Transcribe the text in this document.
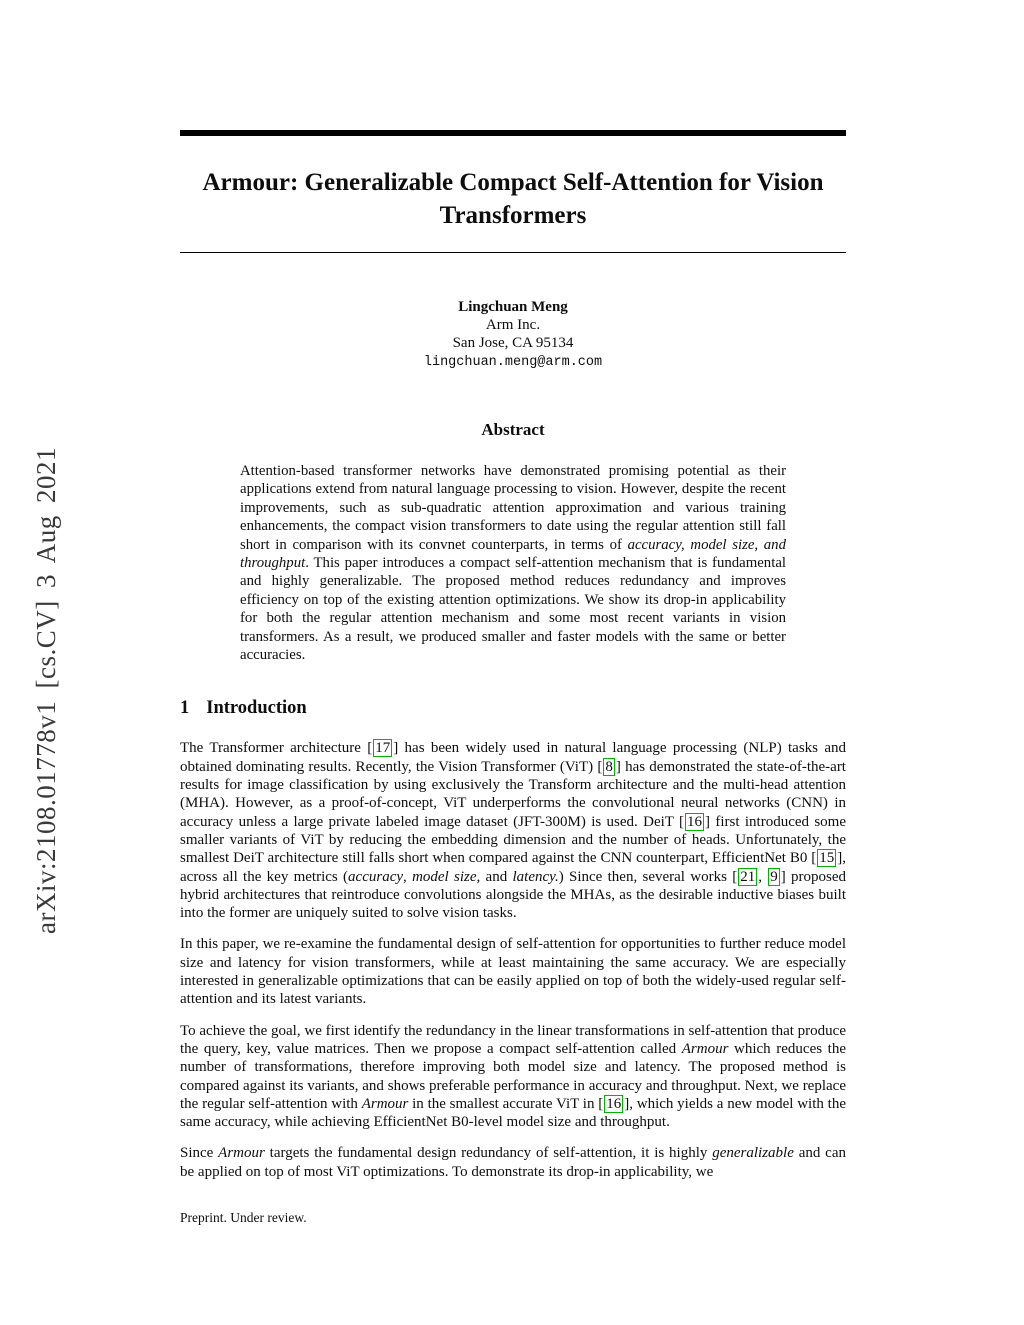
arXiv:2108.01778v1 [cs.CV] 3 Aug 2021
Armour: Generalizable Compact Self-Attention for Vision Transformers
Lingchuan Meng
Arm Inc.
San Jose, CA 95134
lingchuan.meng@arm.com
Abstract

Attention-based transformer networks have demonstrated promising potential as their applications extend from natural language processing to vision. However, despite the recent improvements, such as sub-quadratic attention approximation and various training enhancements, the compact vision transformers to date using the regular attention still fall short in comparison with its convnet counterparts, in terms of accuracy, model size, and throughput. This paper introduces a compact self-attention mechanism that is fundamental and highly generalizable. The proposed method reduces redundancy and improves efficiency on top of the existing attention optimizations. We show its drop-in applicability for both the regular attention mechanism and some most recent variants in vision transformers. As a result, we produced smaller and faster models with the same or better accuracies.

1 Introduction

The Transformer architecture [ 17 ] has been widely used in natural language processing (NLP) tasks and obtained dominating results. Recently, the Vision Transformer (ViT) [ 8 ] has demonstrated the state-of-the-art results for image classification by using exclusively the Transform architecture and the multi-head attention (MHA). However, as a proof-of-concept, ViT underperforms the convolutional neural networks (CNN) in accuracy unless a large private labeled image dataset (JFT-300M) is used. DeiT [ 16 ] first introduced some smaller variants of ViT by reducing the embedding dimension and the number of heads. Unfortunately, the smallest DeiT architecture still falls short when compared against the CNN counterpart, EfficientNet B0 [ 15 ], across all the key metrics (accuracy, model size, and latency.) Since then, several works [ 21 , 9 ] proposed hybrid architectures that reintroduce convolutions alongside the MHAs, as the desirable inductive biases built into the former are uniquely suited to solve vision tasks.

In this paper, we re-examine the fundamental design of self-attention for opportunities to further reduce model size and latency for vision transformers, while at least maintaining the same accuracy. We are especially interested in generalizable optimizations that can be easily applied on top of both the widely-used regular self-attention and its latest variants.

To achieve the goal, we first identify the redundancy in the linear transformations in self-attention that produce the query, key, value matrices. Then we propose a compact self-attention called Armour which reduces the number of transformations, therefore improving both model size and latency. The proposed method is compared against its variants, and shows preferable performance in accuracy and throughput. Next, we replace the regular self-attention with Armour in the smallest accurate ViT in [ 16 ], which yields a new model with the same accuracy, while achieving EfficientNet B0-level model size and throughput.

Since Armour targets the fundamental design redundancy of self-attention, it is highly generalizable and can be applied on top of most ViT optimizations. To demonstrate its drop-in applicability, we

Preprint. Under review.
